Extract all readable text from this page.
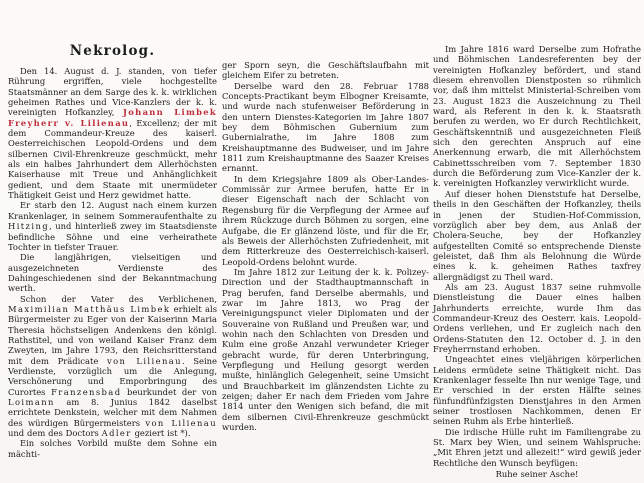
Nekrolog.

Den 14. August d. J. standen, von tiefer Rührung ergriffen, viele hochgestellte Staatsmänner an dem Sarge des k. k. wirklichen geheimen Rathes und Vice-Kanzlers der k. k. vereinigten Hofkanzley, Johann Limbek Freyherr v. Lilienau, Excellenz; der mit dem Commandeur-Kreuze des kaiserl. Oesterreichischen Leopold-Ordens und dem silbernen Civil-Ehrenkreuze geschmückt, mehr als ein halbes Jahrhundert dem Allerhöchsten Kaiserhause mit Treue und Anhänglichkeit gedient, und dem Staate mit unermüdeter Thätigkeit Geist und Herz gewidmet hatte.

Er starb den 12. August nach einem kurzen Krankenlager, in seinem Sommeraufenthalte zu Hitzing, und hinterließ zwey im Staatsdienste befindliche Söhne und eine verheirathete Tochter in tiefster Trauer.

Die langjährigen, vielseitigen und ausgezeichneten Verdienste des Dahingeschiedenen sind der Bekanntmachung werth.

Schon der Vater des Verblichenen, Maximilian Matthäus Limbek erhielt als Bürgermeister zu Eger von der Kaiserinn Maria Theresia höchstseligen Andenkens den königl. Rathstitel, und von weiland Kaiser Franz dem Zweyten, im Jahre 1793, den Reichsritterstand mit dem Prädicate von Lilienau. Seine Verdienste, vorzüglich um die Anlegung, Verschönerung und Emporbringung des Curortes Franzensbad beurkundet der von Loimann am 8. Junius 1842 daselbst errichtete Denkstein, welcher mit dem Nahmen des würdigen Bürgermeisters von Lilienau und dem des Doctors Adler geziert ist *).

Ein solches Vorbild mußte dem Sohne ein mächti-

ger Sporn seyn, die Geschäftslaufbahn mit gleichem Eifer zu betreten.

Derselbe ward den 28. Februar 1788 Concepts-Practikant beym Elbogner Kreisamte, und wurde nach stufenweiser Beförderung in den untern Dienstes-Kategorien im Jahre 1807 bey dem Böhmischen Gubernium zum Gubernialrathe, im Jahre 1808 zum Kreishauptmanne des Budweiser, und im Jahre 1811 zum Kreishauptmanne des Saazer Kreises ernannt.

In dem Kriegsjahre 1809 als Ober-Landes-Commissär zur Armee berufen, hatte Er in dieser Eigenschaft nach der Schlacht von Regensburg für die Verpflegung der Armee auf ihrem Rückzuge durch Böhmen zu sorgen, eine Aufgabe, die Er glänzend löste, und für die Er, als Beweis der Allerhöchsten Zufriedenheit, mit dem Ritterkreuze des Oesterreichisch-kaiserl. Leopold-Ordens belohnt wurde.

Im Jahre 1812 zur Leitung der k. k. Polizey-Direction und der Stadthauptmannschaft in Prag berufen, fand Derselbe abermahls, und zwar im Jahre 1813, wo Prag der Vereinigungspunct vieler Diplomaten und der Souveraine von Rußland und Preußen war, und wohin nach den Schlachten von Dresden und Kulm eine große Anzahl verwundeter Krieger gebracht wurde, für deren Unterbringung, Verpflegung und Heilung gesorgt werden mußte, hinlänglich Gelegenheit, seine Umsicht und Brauchbarkeit im glänzendsten Lichte zu zeigen; daher Er nach dem Frieden vom Jahre 1814 unter den Wenigen sich befand, die mit dem silbernen Civil-Ehrenkreuze geschmückt wurden.

Im Jahre 1816 ward Derselbe zum Hofrathe und Böhmischen Landesreferenten bey der vereinigten Hofkanzley befördert, und stand diesem ehrenvollen Dienstposten so rühmlich vor, daß ihm mittelst Ministerial-Schreiben vom 23. August 1823 die Auszeichnung zu Theil ward, als Referent in den k. k. Staatsrath berufen zu werden, wo Er durch Rechtlichkeit, Geschäftskenntniß und ausgezeichneten Fleiß sich den gerechten Anspruch auf eine Anerkennung erwarb, die mit Allerhöchstem Cabinettsschreiben vom 7. September 1830 durch die Beförderung zum Vice-Kanzler der k. k. vereinigten Hofkanzley verwirklicht wurde.

Auf dieser hohen Dienststufe hat Derselbe, theils in den Geschäften der Hofkanzley, theils in jenen der Studien-Hof-Commission, vorzüglich aber bey dem, aus Anlaß der Cholera-Seuche, bey der Hofkanzley aufgestellten Comité so entsprechende Dienste geleistet, daß Ihm als Belohnung die Würde eines k. k. geheimen Rathes taxfrey allergnädigst zu Theil ward.

Als am 23. August 1837 seine ruhmvolle Dienstleistung die Dauer eines halben Jahrhunderts erreichte, wurde Ihm das Commandeur-Kreuz des Oesterr. kais. Leopold-Ordens verliehen, und Er zugleich nach den Ordens-Statuten den 12. October d. J. in den Freyherrnstand erhoben.

Ungeachtet eines vieljährigen körperlichen Leidens ermüdete seine Thätigkeit nicht. Das Krankenlager fesselte Ihn nur wenige Tage, und Er verschied in der ersten Hälfte seines fünfundfünfzigsten Dienstjahres in den Armen seiner trostlosen Nachkommen, denen Er seinen Ruhm als Erbe hinterließ.

Die irdische Hülle ruht im Familiengrabe zu St. Marx bey Wien, und seinem Wahlspruche: „Mit Ehren jetzt und allezeit!“ wird gewiß jeder Rechtliche den Wunsch beyfügen:

Ruhe seiner Asche!
